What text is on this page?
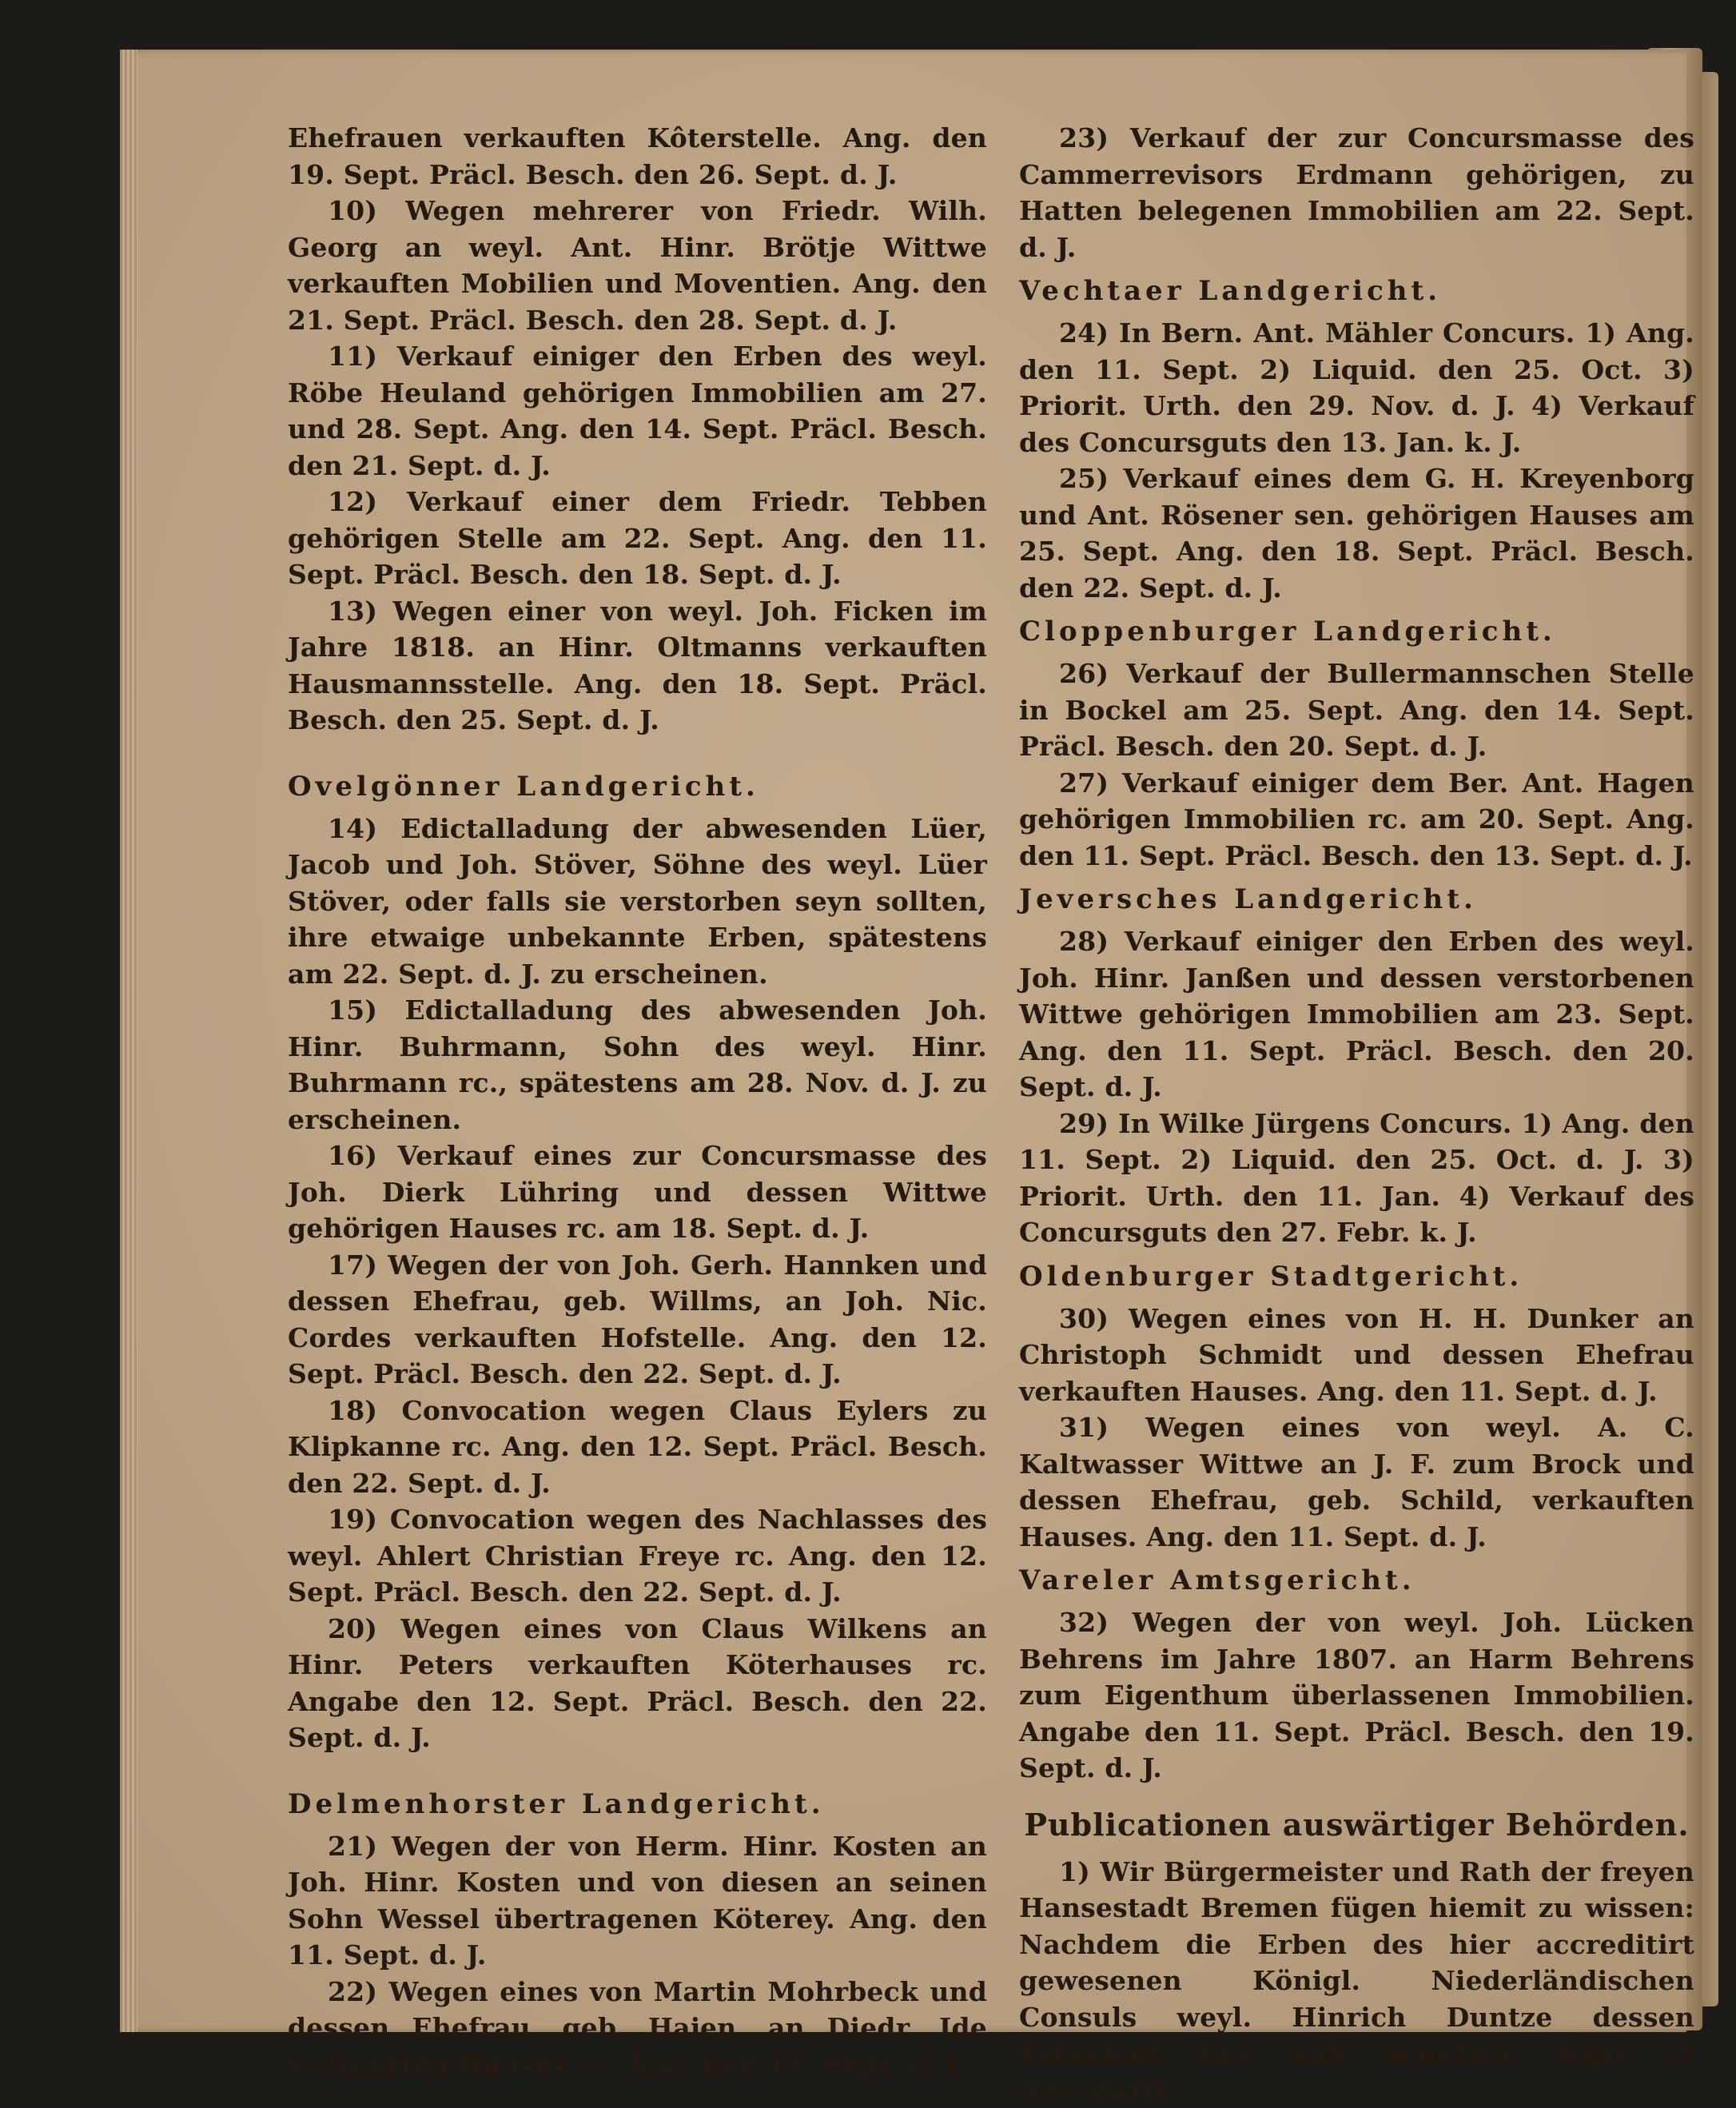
Ehefrauen verkauften Kôterstelle. Ang. den 19. Sept. Präcl. Besch. den 26. Sept. d. J.

10) Wegen mehrerer von Friedr. Wilh. Georg an weyl. Ant. Hinr. Brötje Wittwe verkauften Mobilien und Moventien. Ang. den 21. Sept. Präcl. Besch. den 28. Sept. d. J.

11) Verkauf einiger den Erben des weyl. Röbe Heuland gehörigen Immobilien am 27. und 28. Sept. Ang. den 14. Sept. Präcl. Besch. den 21. Sept. d. J.

12) Verkauf einer dem Friedr. Tebben gehörigen Stelle am 22. Sept. Ang. den 11. Sept. Präcl. Besch. den 18. Sept. d. J.

13) Wegen einer von weyl. Joh. Ficken im Jahre 1818. an Hinr. Oltmanns verkauften Hausmannsstelle. Ang. den 18. Sept. Präcl. Besch. den 25. Sept. d. J.

Ovelgönner Landgericht.

14) Edictalladung der abwesenden Lüer, Jacob und Joh. Stöver, Söhne des weyl. Lüer Stöver, oder falls sie verstorben seyn sollten, ihre etwaige unbekannte Erben, spätestens am 22. Sept. d. J. zu erscheinen.

15) Edictalladung des abwesenden Joh. Hinr. Buhrmann, Sohn des weyl. Hinr. Buhrmann rc., spätestens am 28. Nov. d. J. zu erscheinen.

16) Verkauf eines zur Concursmasse des Joh. Dierk Lühring und dessen Wittwe gehörigen Hauses rc. am 18. Sept. d. J.

17) Wegen der von Joh. Gerh. Hannken und dessen Ehefrau, geb. Willms, an Joh. Nic. Cordes verkauften Hofstelle. Ang. den 12. Sept. Präcl. Besch. den 22. Sept. d. J.

18) Convocation wegen Claus Eylers zu Klipkanne rc. Ang. den 12. Sept. Präcl. Besch. den 22. Sept. d. J.

19) Convocation wegen des Nachlasses des weyl. Ahlert Christian Freye rc. Ang. den 12. Sept. Präcl. Besch. den 22. Sept. d. J.

20) Wegen eines von Claus Wilkens an Hinr. Peters verkauften Köterhauses rc. Angabe den 12. Sept. Präcl. Besch. den 22. Sept. d. J.

Delmenhorster Landgericht.

21) Wegen der von Herm. Hinr. Kosten an Joh. Hinr. Kosten und von diesen an seinen Sohn Wessel übertragenen Köterey. Ang. den 11. Sept. d. J.

22) Wegen eines von Martin Mohrbeck und dessen Ehefrau, geb. Hajen, an Diedr. Ide verkauften Hauses rc. Ang. den 12. Sept. d. J.

23) Verkauf der zur Concursmasse des Cammerrevisors Erdmann gehörigen, zu Hatten belegenen Immobilien am 22. Sept. d. J.

Vechtaer Landgericht.

24) In Bern. Ant. Mähler Concurs. 1) Ang. den 11. Sept. 2) Liquid. den 25. Oct. 3) Priorit. Urth. den 29. Nov. d. J. 4) Verkauf des Concursguts den 13. Jan. k. J.

25) Verkauf eines dem G. H. Kreyenborg und Ant. Rösener sen. gehörigen Hauses am 25. Sept. Ang. den 18. Sept. Präcl. Besch. den 22. Sept. d. J.

Cloppenburger Landgericht.

26) Verkauf der Bullermannschen Stelle in Bockel am 25. Sept. Ang. den 14. Sept. Präcl. Besch. den 20. Sept. d. J.

27) Verkauf einiger dem Ber. Ant. Hagen gehörigen Immobilien rc. am 20. Sept. Ang. den 11. Sept. Präcl. Besch. den 13. Sept. d. J.

Jeversches Landgericht.

28) Verkauf einiger den Erben des weyl. Joh. Hinr. Janßen und dessen verstorbenen Wittwe gehörigen Immobilien am 23. Sept. Ang. den 11. Sept. Präcl. Besch. den 20. Sept. d. J.

29) In Wilke Jürgens Concurs. 1) Ang. den 11. Sept. 2) Liquid. den 25. Oct. d. J. 3) Priorit. Urth. den 11. Jan. 4) Verkauf des Concursguts den 27. Febr. k. J.

Oldenburger Stadtgericht.

30) Wegen eines von H. H. Dunker an Christoph Schmidt und dessen Ehefrau verkauften Hauses. Ang. den 11. Sept. d. J.

31) Wegen eines von weyl. A. C. Kaltwasser Wittwe an J. F. zum Brock und dessen Ehefrau, geb. Schild, verkauften Hauses. Ang. den 11. Sept. d. J.

Vareler Amtsgericht.

32) Wegen der von weyl. Joh. Lücken Behrens im Jahre 1807. an Harm Behrens zum Eigenthum überlassenen Immobilien. Angabe den 11. Sept. Präcl. Besch. den 19. Sept. d. J.

Publicationen auswärtiger Behörden.

1) Wir Bürgermeister und Rath der freyen Hansestadt Bremen fügen hiemit zu wissen: Nachdem die Erben des hier accreditirt gewesenen Königl. Niederländischen Consuls weyl. Hinrich Duntze dessen Erbschaft nur sub beneficio legis et inventarii
